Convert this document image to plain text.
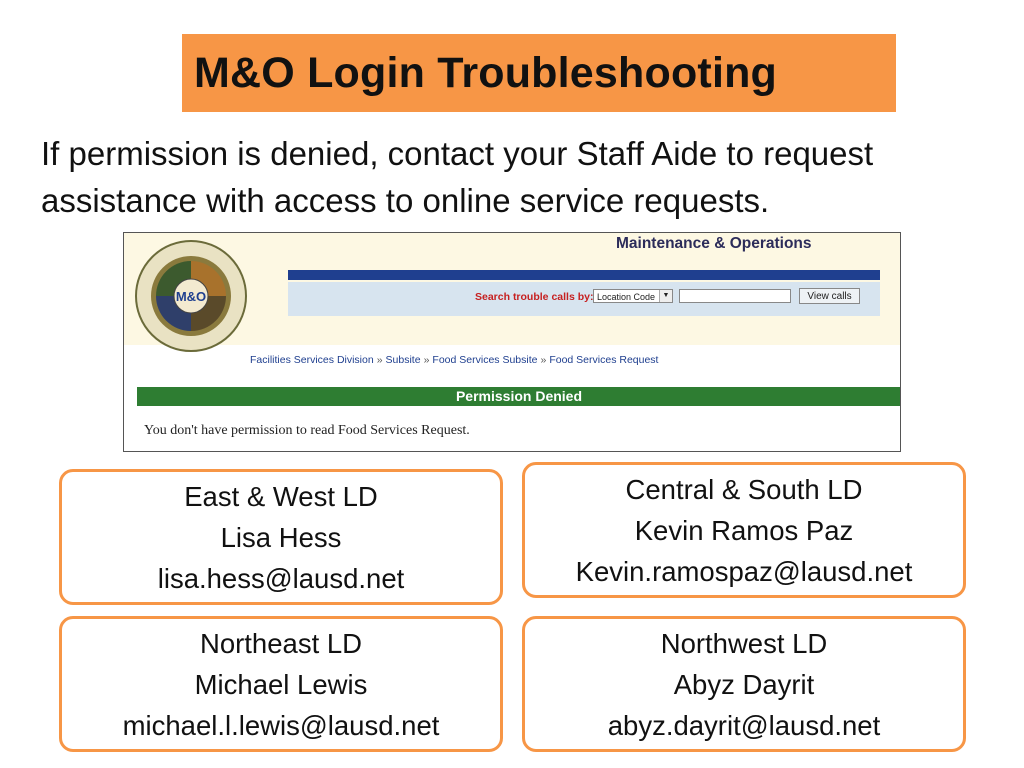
M&O Login Troubleshooting
If permission is denied, contact your Staff Aide to request assistance with access to online service requests.
M&O
Maintenance & Operations
Search trouble calls by: Location Code	▼	View calls
Facilities Services Division » Subsite » Food Services Subsite » Food Services Request
Permission Denied
You don't have permission to read Food Services Request.
East & West LD
Lisa Hess
lisa.hess@lausd.net
Central & South LD
Kevin Ramos Paz
Kevin.ramospaz@lausd.net
Northeast LD
Michael Lewis
michael.l.lewis@lausd.net
Northwest LD
Abyz Dayrit
abyz.dayrit@lausd.net
